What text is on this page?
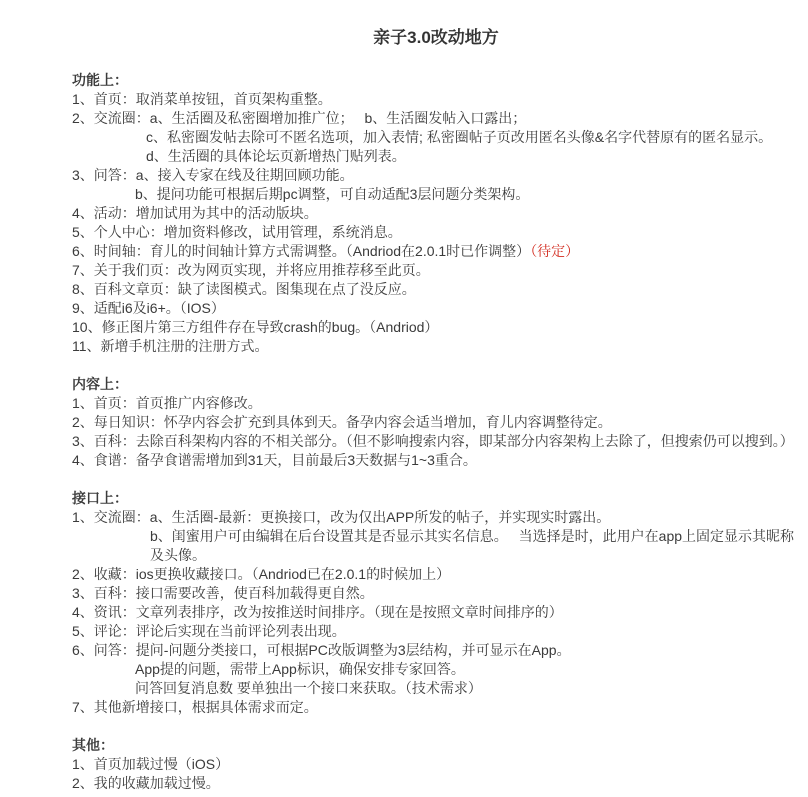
亲子3.0改动地方
功能上：
1、首页：取消菜单按钮，首页架构重整。
2、交流圈：a、生活圈及私密圈增加推广位；　 b、生活圈发帖入口露出；
c、私密圈发帖去除可不匿名选项，加入表情; 私密圈帖子页改用匿名头像&名字代替原有的匿名显示。
d、生活圈的具体论坛页新增热门贴列表。
3、问答：a、接入专家在线及往期回顾功能。
b、提问功能可根据后期pc调整，可自动适配3层问题分类架构。
4、活动：增加试用为其中的活动版块。
5、个人中心：增加资料修改，试用管理，系统消息。
6、时间轴：育儿的时间轴计算方式需调整。（Andriod在2.0.1时已作调整）（待定）
7、关于我们页：改为网页实现，并将应用推荐移至此页。
8、百科文章页：缺了读图模式。图集现在点了没反应。
9、适配i6及i6+。（IOS）
10、修正图片第三方组件存在导致crash的bug。（Andriod）
11、新增手机注册的注册方式。
内容上：
1、首页：首页推广内容修改。
2、每日知识：怀孕内容会扩充到具体到天。备孕内容会适当增加，育儿内容调整待定。
3、百科：去除百科架构内容的不相关部分。（但不影响搜索内容，即某部分内容架构上去除了，但搜索仍可以搜到。）
4、食谱：备孕食谱需增加到31天，目前最后3天数据与1~3重合。
接口上：
1、交流圈：a、生活圈-最新：更换接口，改为仅出APP所发的帖子，并实现实时露出。
b、闺蜜用户可由编辑在后台设置其是否显示其实名信息。　 当选择是时，此用户在app上固定显示其昵称及头像。
2、收藏：ios更换收藏接口。（Andriod已在2.0.1的时候加上）
3、百科：接口需要改善，使百科加载得更自然。
4、资讯：文章列表排序，改为按推送时间排序。（现在是按照文章时间排序的）
5、评论：评论后实现在当前评论列表出现。
6、问答：提问-问题分类接口，可根据PC改版调整为3层结构，并可显示在App。
App提的问题，需带上App标识，确保安排专家回答。
问答回复消息数 要单独出一个接口来获取。（技术需求）
7、其他新增接口，根据具体需求而定。
其他：
1、首页加载过慢（iOS）
2、我的收藏加载过慢。
